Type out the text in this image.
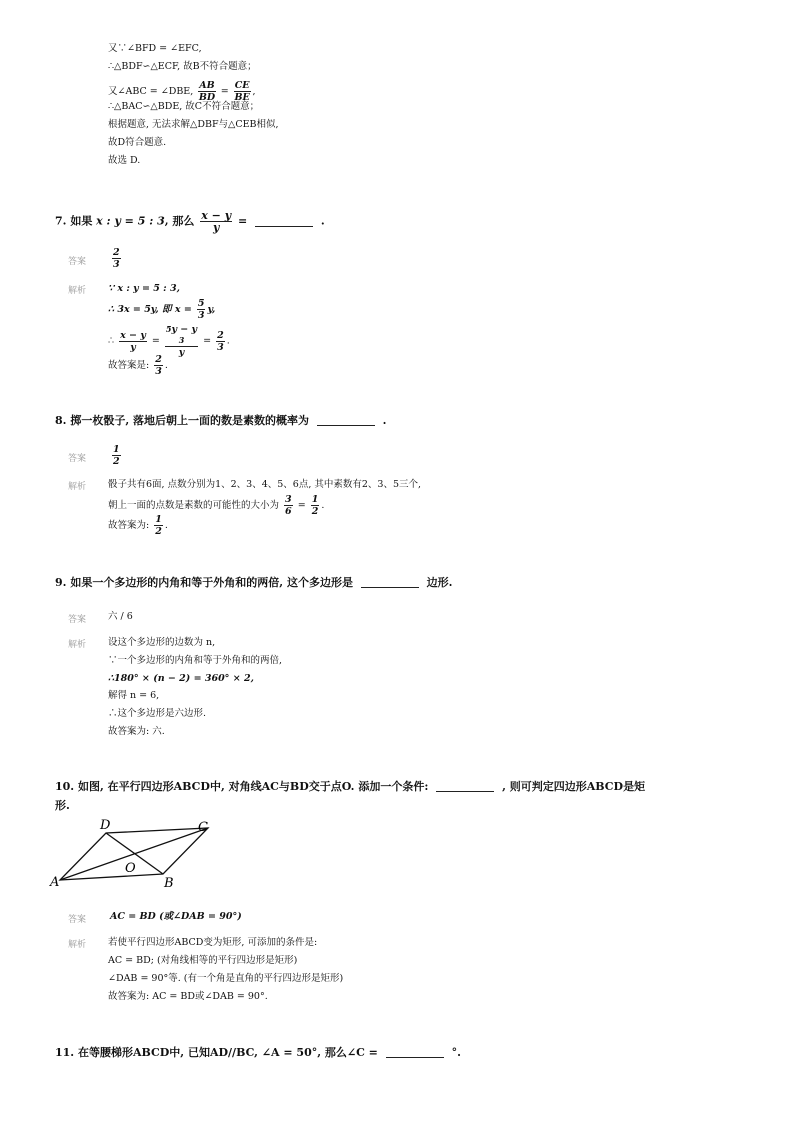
又∵∠BFD = ∠EFC,
∴△BDF∽△ECF, 故B不符合题意；
又∠ABC = ∠DBE, $\frac{AB}{BD} = \frac{CE}{BE}$ ,
∴△BAC∽△BDE, 故C不符合题意；
根据题意, 无法求解△DBF与△CEB相似,
故D符合题意.
故选 D.
7. 如果 x : y = 5 : 3, 那么 $\frac{x - y}{y}$ =	.
答案	$\frac{2}{3}$
解析 ∵ x : y = 5 : 3,
∴ 3x = 5y, 即 $x = \frac{5}{3} y$,
∴ $\frac{x - y}{y}$ =
$^5$y − y
3
y
= $\frac{2}{3}$ .
故答案是: $\frac{2}{3}$ .
8. 掷一枚骰子, 落地后朝上一面的数是素数的概率为	.
答案	$\frac{1}{2}$
解析 骰子共有6面, 点数分别为1、2、3、4、5、6点, 其中素数有2、3、5三个,
朝上一面的点数是素数的可能性的大小为 $\frac{3}{6} = \frac{1}{2}$ .
故答案为: $\frac{1}{2}$ .
9. 如果一个多边形的内角和等于外角和的两倍, 这个多边形是	边形.
答案 六 / 6
解析 设这个多边形的边数为 n,
∵一个多边形的内角和等于外角和的两倍,
∴180° × (n − 2) = 360° × 2,
解得 n = 6,
∴这个多边形是六边形.
故答案为: 六.
10. 如图, 在平行四边形ABCD中, 对角线AC与BD交于点O. 添加一个条件:	, 则可判定四边形ABCD是矩
形.
D	C
A	B
O
答案	AC = BD (或∠DAB = 90°)
解析 若使平行四边形ABCD变为矩形, 可添加的条件是:
AC = BD; (对角线相等的平行四边形是矩形)
∠DAB = 90°等. (有一个角是直角的平行四边形是矩形)
故答案为: AC = BD或∠DAB = 90°.
11. 在等腰梯形ABCD中, 已知AD//BC, ∠A = 50°, 那么∠C =	°.
